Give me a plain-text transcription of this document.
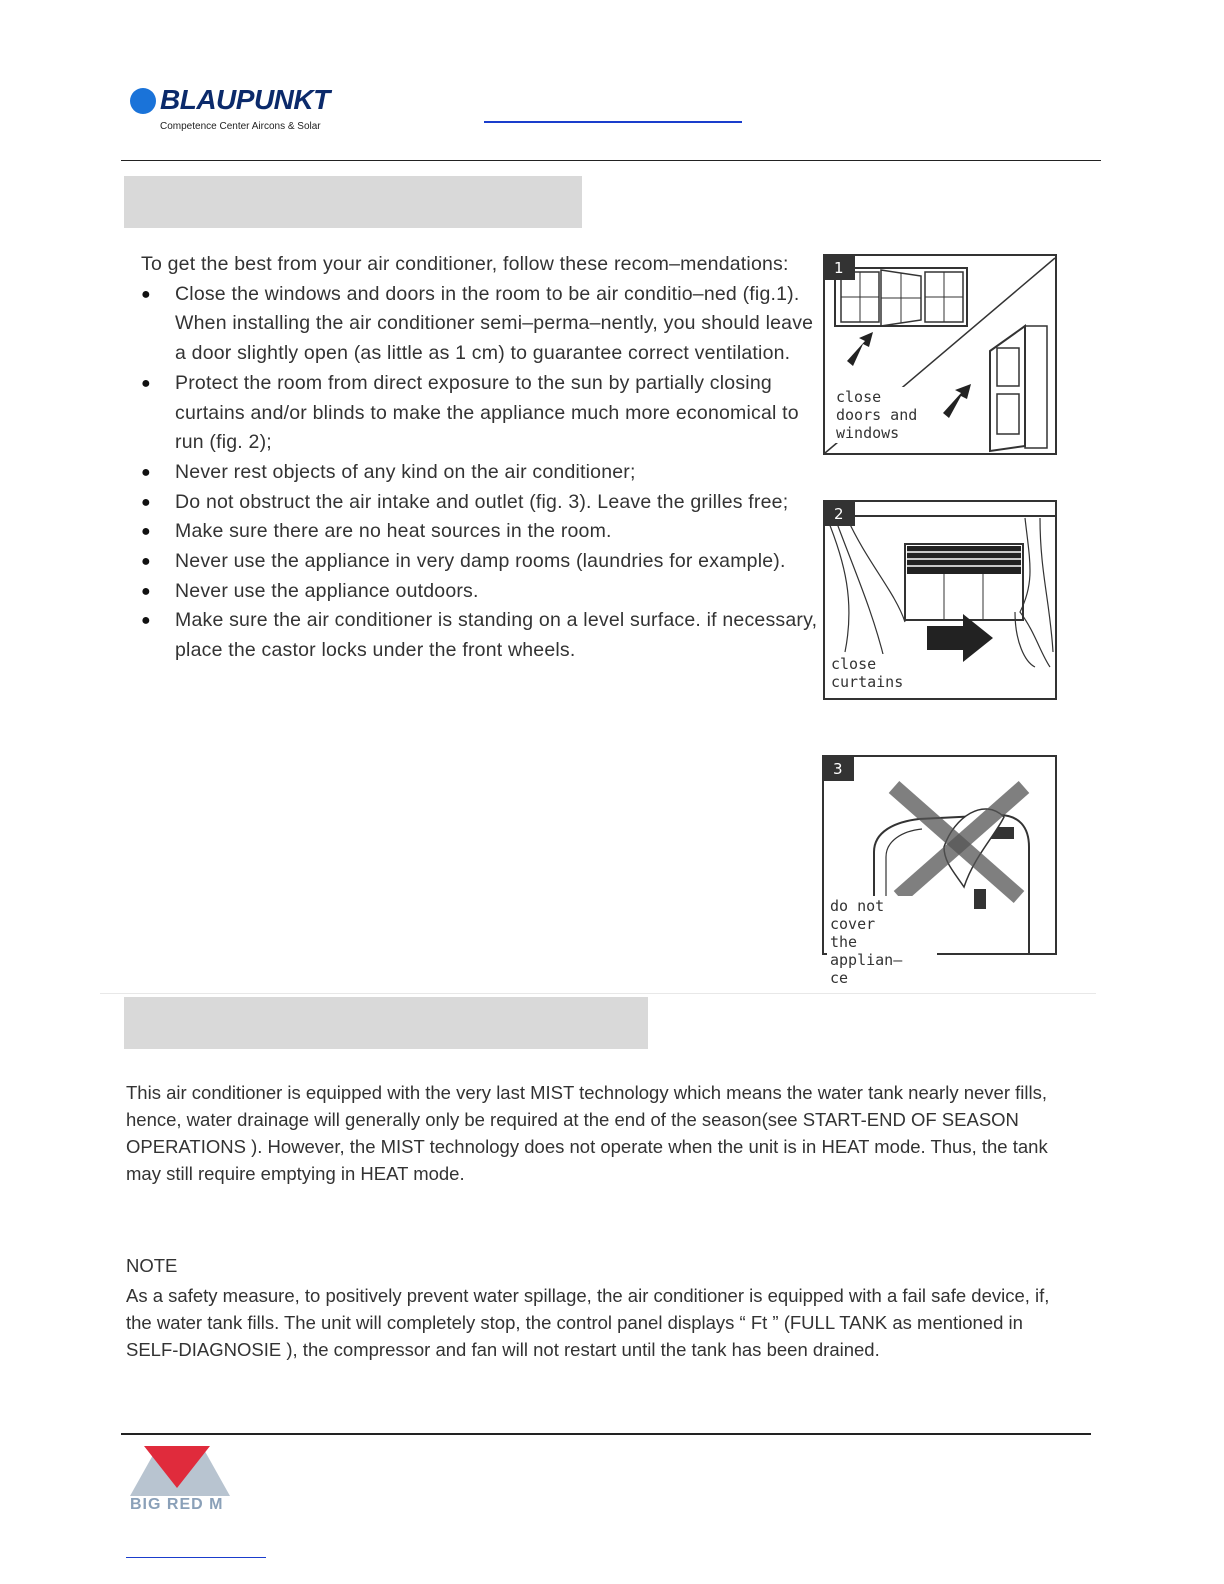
BLAUPUNKT
Competence Center Aircons & Solar

To get the best from your air conditioner, follow these recom–mendations:

● Close the windows and doors in the room to be air conditio–ned (fig.1). When installing the air conditioner semi–perma–nently, you should leave a door slightly open (as little as 1 cm) to guarantee correct ventilation.
● Protect the room from direct exposure to the sun by partially closing curtains and/or blinds to make the appliance much more economical to run (fig. 2);
● Never rest objects of any kind on the air conditioner;
● Do not obstruct the air intake and outlet (fig. 3). Leave the grilles free;
● Make sure there are no heat sources in the room.
● Never use the appliance in very damp rooms (laundries for example).
● Never use the appliance outdoors.
● Make sure the air conditioner is standing on a level surface. if necessary, place the castor locks under the front wheels.
1
close
doors and
windows
2
close
curtains
3
do not cover
the applian–
ce
This air conditioner is equipped with the very last MIST technology which means the water tank nearly never fills, hence, water drainage will generally only be required at the end of the season(see START-END OF SEASON OPERATIONS ). However, the MIST technology does not operate when the unit is in HEAT mode. Thus, the tank may still require emptying in HEAT mode.
NOTE
As a safety measure, to positively prevent water spillage, the air conditioner is equipped with a fail safe device, if, the water tank fills. The unit will completely stop, the control panel displays “ Ft ” (FULL TANK as mentioned in SELF-DIAGNOSIE ), the compressor and fan will not restart until the tank has been drained.
BIG RED M
